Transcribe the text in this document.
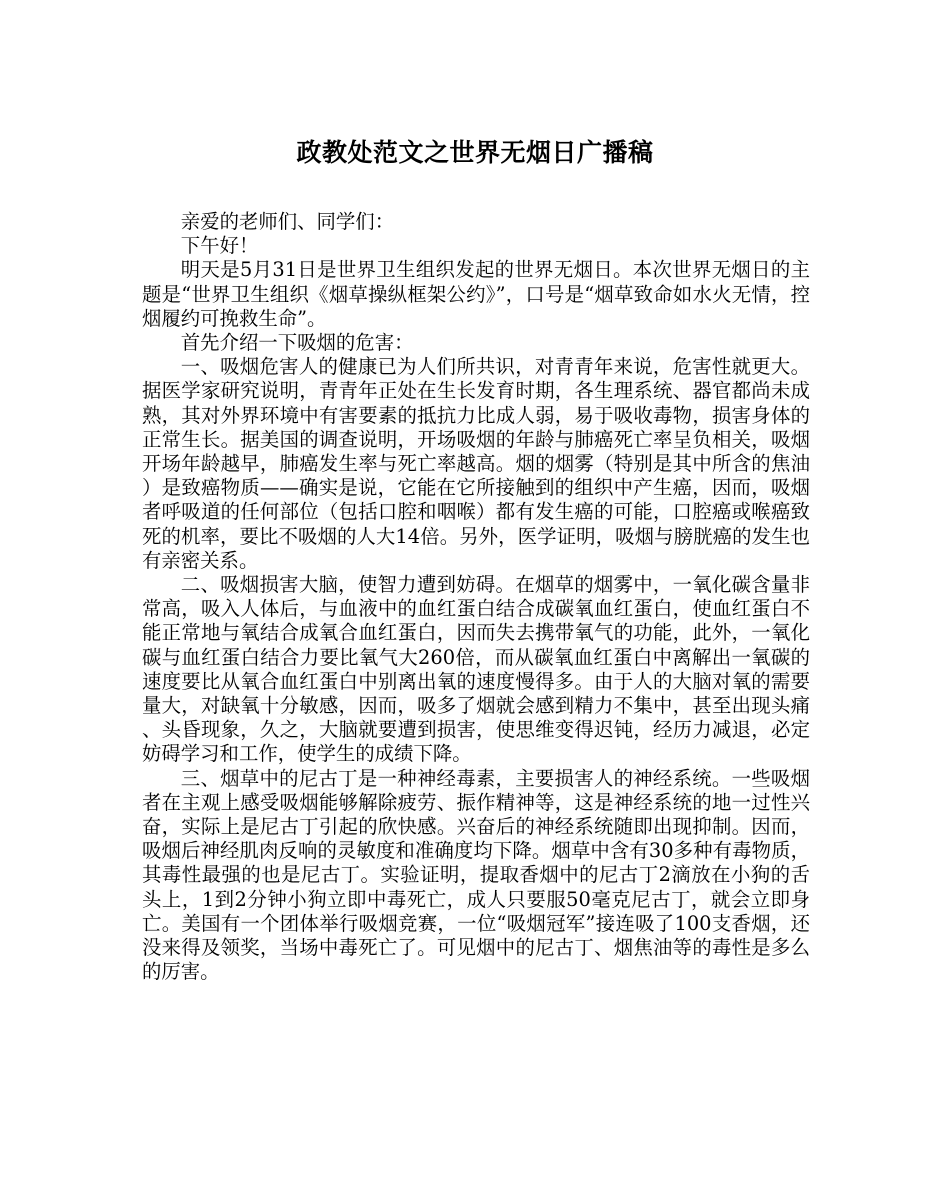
政教处范文之世界无烟日广播稿

亲爱的老师们、同学们：

下午好！

明天是5月31日是世界卫生组织发起的世界无烟日。本次世界无烟日的主题是“世界卫生组织《烟草操纵框架公约》”，口号是“烟草致命如水火无情，控烟履约可挽救生命”。

首先介绍一下吸烟的危害：

一、吸烟危害人的健康已为人们所共识，对青青年来说，危害性就更大。据医学家研究说明，青青年正处在生长发育时期，各生理系统、器官都尚未成熟，其对外界环境中有害要素的抵抗力比成人弱，易于吸收毒物，损害身体的正常生长。据美国的调查说明，开场吸烟的年龄与肺癌死亡率呈负相关，吸烟开场年龄越早，肺癌发生率与死亡率越高。烟的烟雾（特别是其中所含的焦油）是致癌物质——确实是说，它能在它所接触到的组织中产生癌，因而，吸烟者呼吸道的任何部位（包括口腔和咽喉）都有发生癌的可能，口腔癌或喉癌致死的机率，要比不吸烟的人大14倍。另外，医学证明，吸烟与膀胱癌的发生也有亲密关系。

二、吸烟损害大脑，使智力遭到妨碍。在烟草的烟雾中，一氧化碳含量非常高，吸入人体后，与血液中的血红蛋白结合成碳氧血红蛋白，使血红蛋白不能正常地与氧结合成氧合血红蛋白，因而失去携带氧气的功能，此外，一氧化碳与血红蛋白结合力要比氧气大260倍，而从碳氧血红蛋白中离解出一氧碳的速度要比从氧合血红蛋白中别离出氧的速度慢得多。由于人的大脑对氧的需要量大，对缺氧十分敏感，因而，吸多了烟就会感到精力不集中，甚至出现头痛、头昏现象，久之，大脑就要遭到损害，使思维变得迟钝，经历力减退，必定妨碍学习和工作，使学生的成绩下降。

三、烟草中的尼古丁是一种神经毒素，主要损害人的神经系统。一些吸烟者在主观上感受吸烟能够解除疲劳、振作精神等，这是神经系统的地一过性兴奋，实际上是尼古丁引起的欣快感。兴奋后的神经系统随即出现抑制。因而，吸烟后神经肌肉反响的灵敏度和准确度均下降。烟草中含有30多种有毒物质，其毒性最强的也是尼古丁。实验证明，提取香烟中的尼古丁2滴放在小狗的舌头上，1到2分钟小狗立即中毒死亡，成人只要服50毫克尼古丁，就会立即身亡。美国有一个团体举行吸烟竞赛，一位“吸烟冠军”接连吸了100支香烟，还没来得及领奖，当场中毒死亡了。可见烟中的尼古丁、烟焦油等的毒性是多么的厉害。
